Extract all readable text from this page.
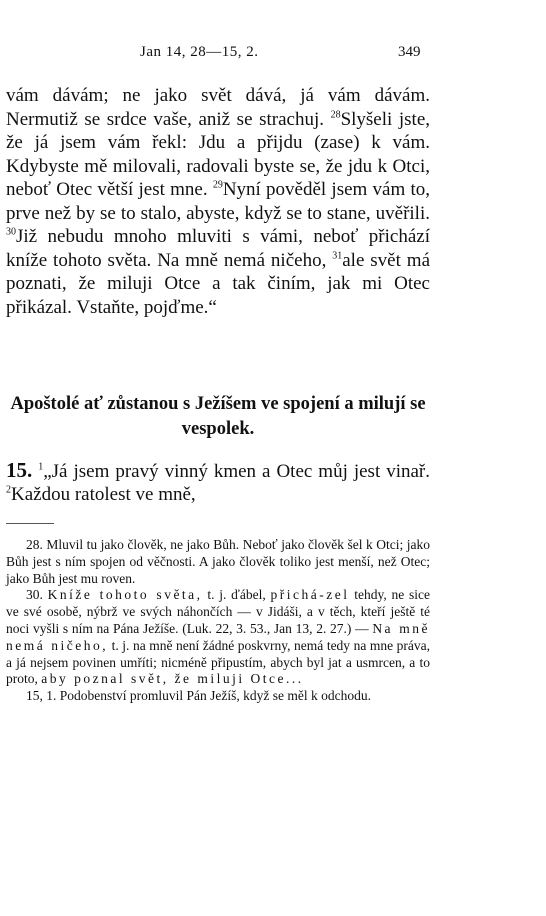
Jan 14, 28—15, 2.	349
vám dávám; ne jako svět dává, já vám dávám. Nermutiž se srdce vaše, aniž se strachuj. $^{28}$Slyšeli jste, že já jsem vám řekl: Jdu a přijdu (zase) k vám. Kdybyste mě milovali, radovali byste se, že jdu k Otci, neboť Otec větší jest mne. $^{29}$Nyní pověděl jsem vám to, prve než by se to stalo, abyste, když se to stane, uvěřili. $^{30}$Již nebudu mnoho mluviti s vámi, neboť přichází kníže tohoto světa. Na mně nemá ničeho, $^{31}$ale svět má poznati, že miluji Otce a tak činím, jak mi Otec přikázal. Vstaňte, pojďme.“
Apoštolé ať zůstanou s Ježíšem ve spojení a milují se vespolek.
15. $^1$„Já jsem pravý vinný kmen a Otec můj jest vinař. $^2$Každou ratolest ve mně,

28. Mluvil tu jako člověk, ne jako Bůh. Neboť jako člověk šel k Otci; jako Bůh jest s ním spojen od věčnosti. A jako člověk toliko jest menší, než Otec; jako Bůh jest mu roven.

30. Kníže tohoto světa, t. j. ďábel, přichá-zel tehdy, ne sice ve své osobě, nýbrž ve svých náhončích — v Jidáši, a v těch, kteří ještě té noci vyšli s ním na Pána Ježíše. (Luk. 22, 3. 53., Jan 13, 2. 27.) — Na mně nemá ničeho, t. j. na mně není žádné poskvrny, nemá tedy na mne práva, a já nejsem povinen umříti; nicméně připustím, abych byl jat a usmrcen, a to proto, aby poznal svět, že miluji Otce...

15, 1. Podobenství promluvil Pán Ježíš, když se měl k odchodu.
